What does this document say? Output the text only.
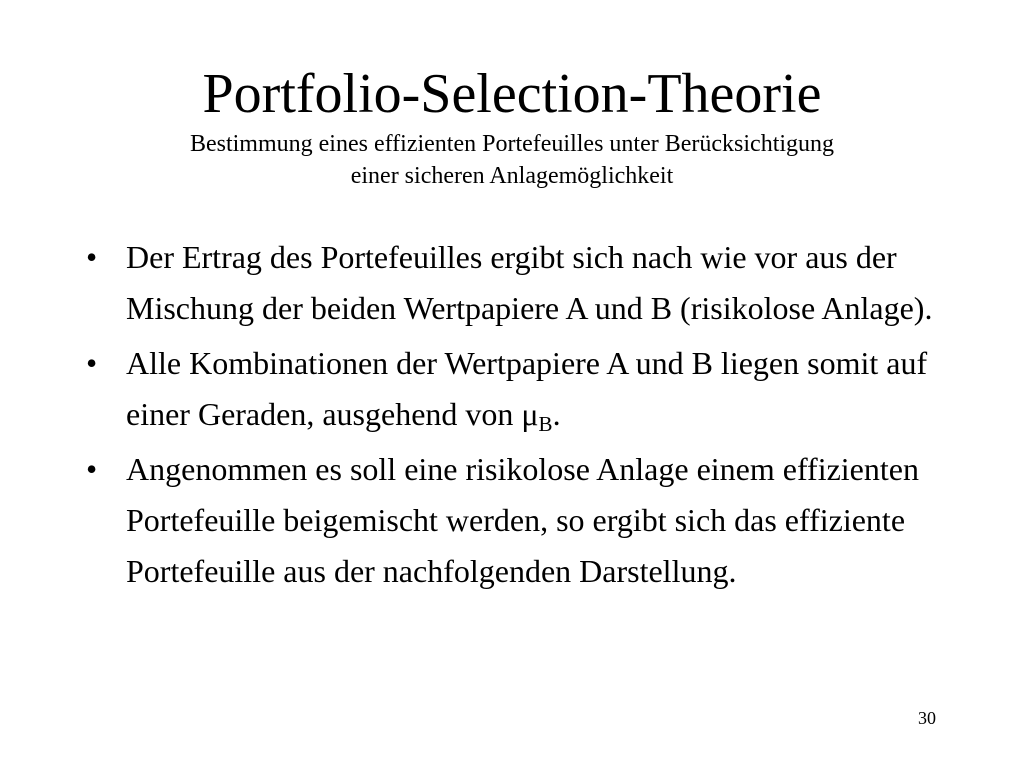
Portfolio-Selection-Theorie
Bestimmung eines effizienten Portefeuilles unter Berücksichtigung
einer sicheren Anlagemöglichkeit
• Der Ertrag des Portefeuilles ergibt sich nach wie vor aus der Mischung der beiden Wertpapiere A und B (risikolose Anlage).
• Alle Kombinationen der Wertpapiere A und B liegen somit auf einer Geraden, ausgehend von $\mu_B$.
• Angenommen es soll eine risikolose Anlage einem effizienten Portefeuille beigemischt werden, so ergibt sich das effiziente Portefeuille aus der nachfolgenden Darstellung.
30
